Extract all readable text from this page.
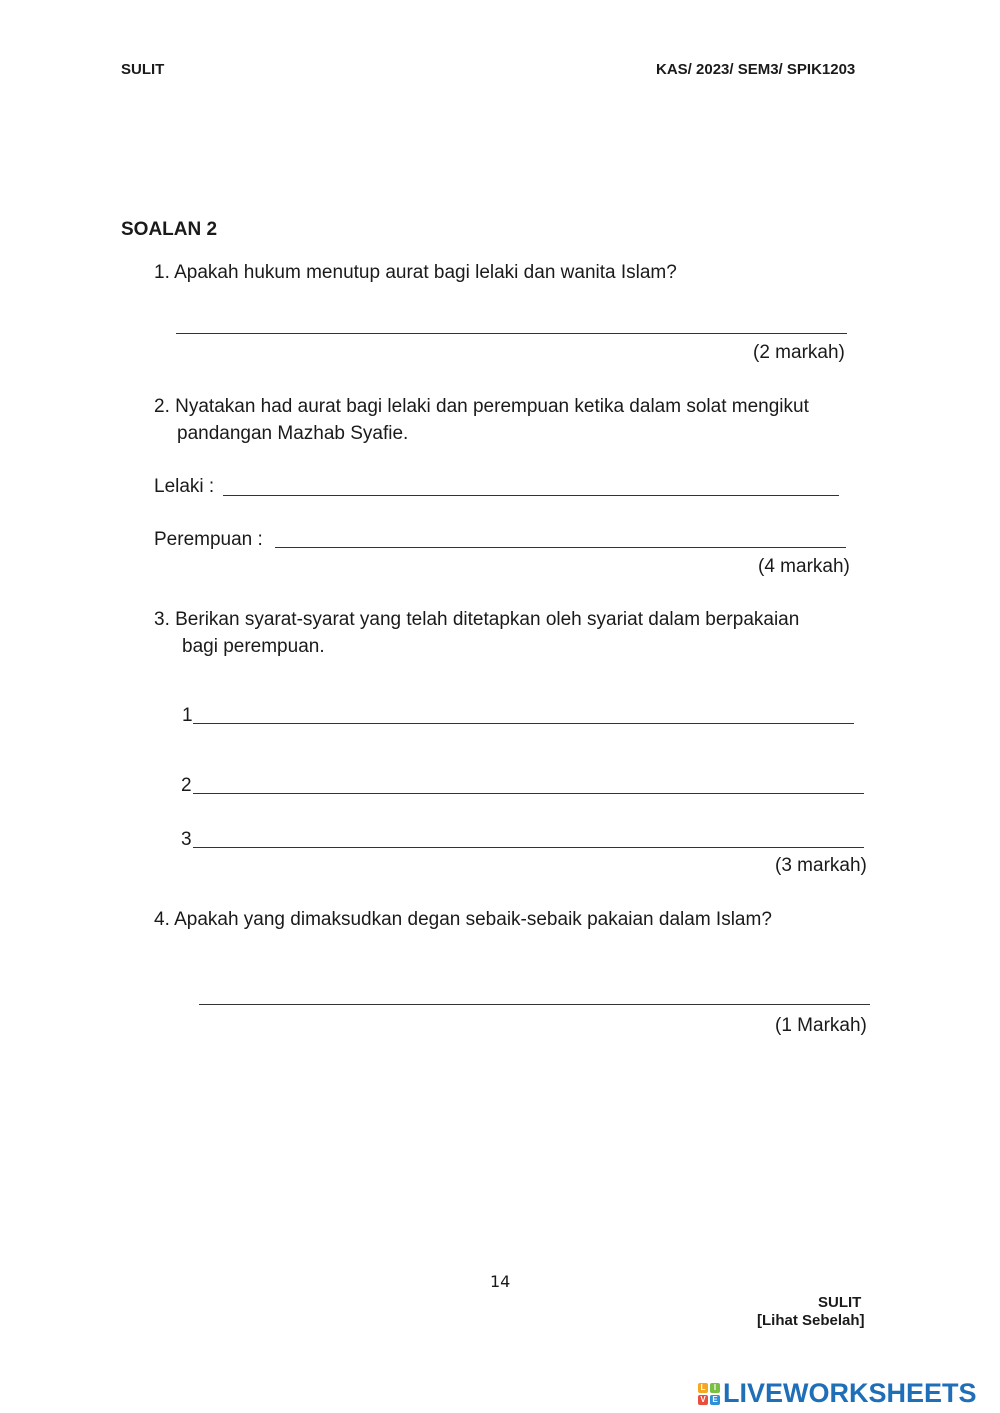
SULIT	KAS/ 2023/ SEM3/ SPIK1203
SOALAN 2
1. Apakah hukum menutup aurat bagi lelaki dan wanita Islam?
(2 markah)
2. Nyatakan had aurat bagi lelaki dan perempuan ketika dalam solat mengikut
pandangan Mazhab Syafie.
Lelaki :
Perempuan :
(4 markah)
3. Berikan syarat-syarat yang telah ditetapkan oleh syariat dalam berpakaian
bagi perempuan.
1
2
3
(3 markah)
4. Apakah yang dimaksudkan degan sebaik-sebaik pakaian dalam Islam?
(1 Markah)
14
SULIT
[Lihat Sebelah]
L	I
V E LIVEWORKSHEETS
